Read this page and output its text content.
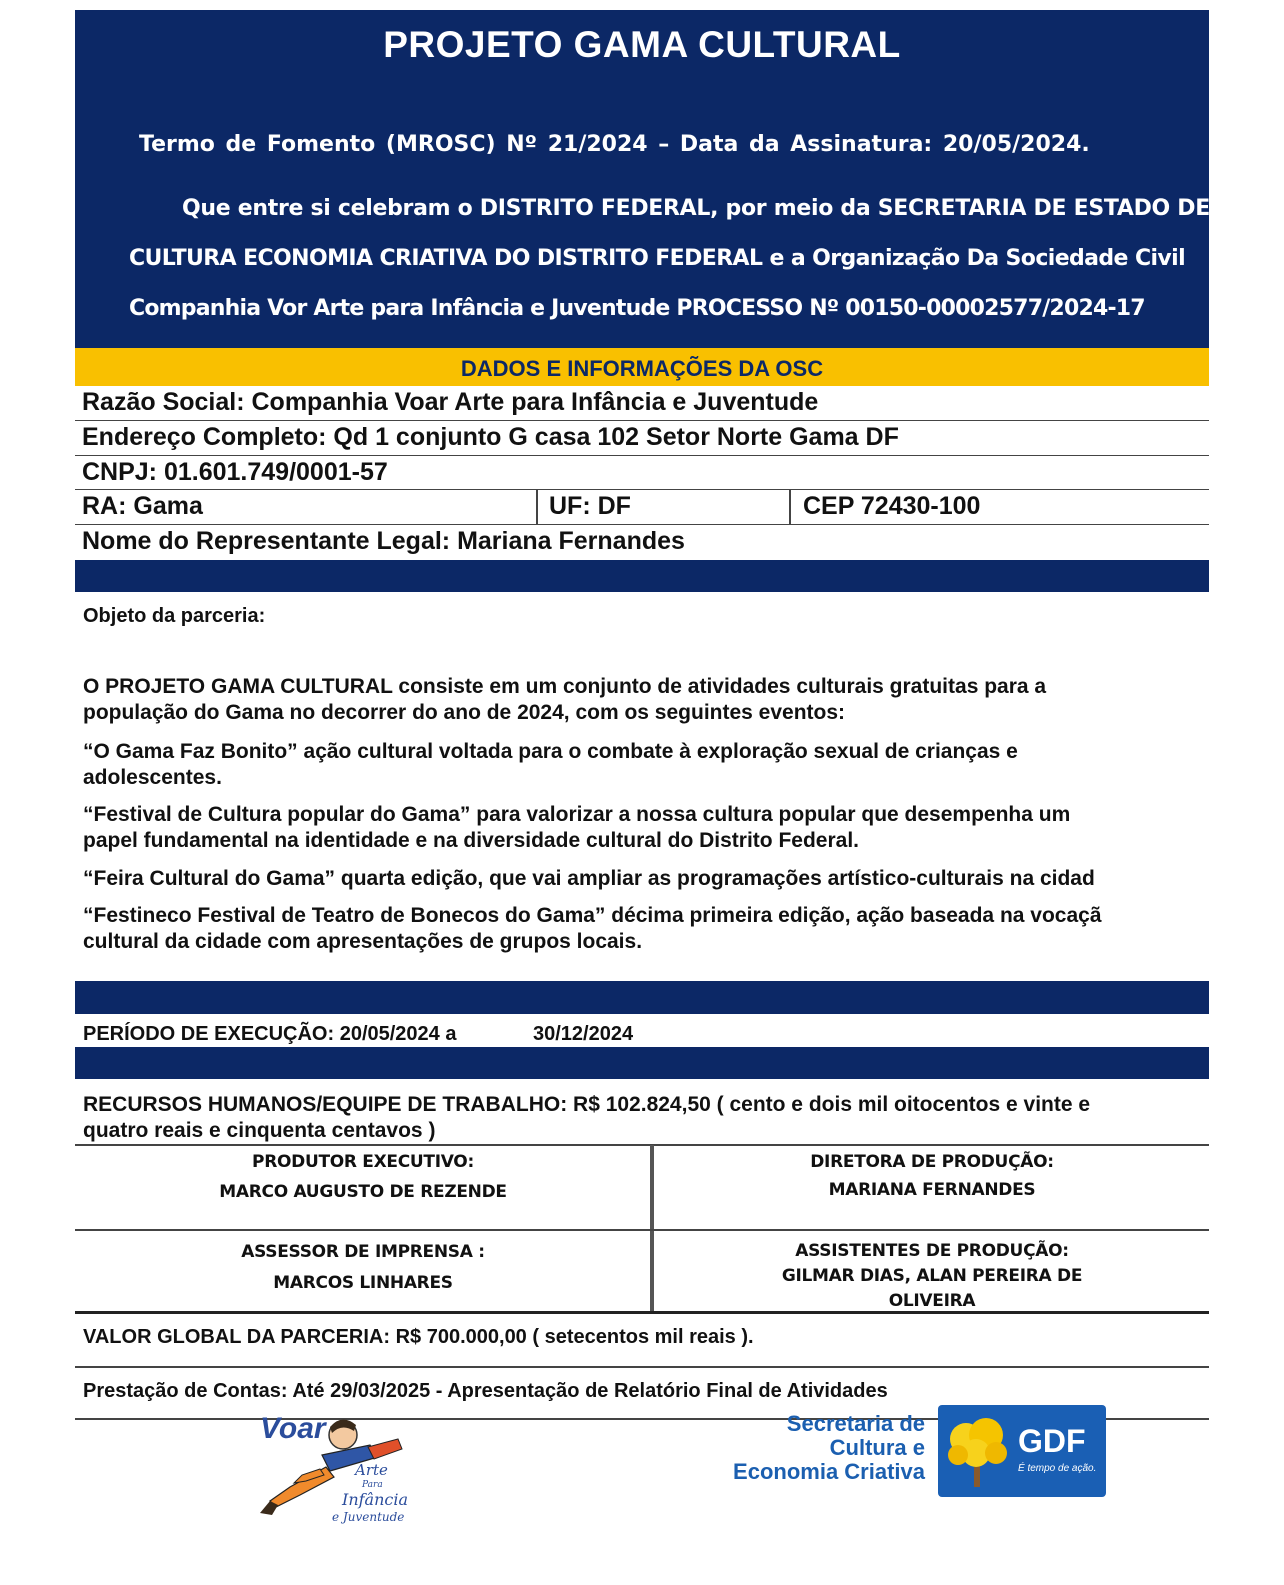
PROJETO GAMA CULTURAL
Termo de Fomento (MROSC) Nº 21/2024 – Data da Assinatura: 20/05/2024.
Que entre si celebram o DISTRITO FEDERAL, por meio da SECRETARIA DE ESTADO DE
CULTURA ECONOMIA CRIATIVA DO DISTRITO FEDERAL e a Organização Da Sociedade Civil
Companhia Vor Arte para Infância e Juventude PROCESSO Nº 00150-00002577/2024-17
DADOS E INFORMAÇÕES DA OSC
Razão Social: Companhia Voar Arte para Infância e Juventude
Endereço Completo: Qd 1 conjunto G casa 102 Setor Norte Gama DF
CNPJ: 01.601.749/0001-57
RA: Gama	UF: DF	CEP 72430-100
Nome do Representante Legal: Mariana Fernandes
Objeto da parceria:
O PROJETO GAMA CULTURAL consiste em um conjunto de atividades culturais gratuitas para a
população do Gama no decorrer do ano de 2024, com os seguintes eventos:
“O Gama Faz Bonito” ação cultural voltada para o combate à exploração sexual de crianças e
adolescentes.
“Festival de Cultura popular do Gama” para valorizar a nossa cultura popular que desempenha um
papel fundamental na identidade e na diversidade cultural do Distrito Federal.
“Feira Cultural do Gama” quarta edição, que vai ampliar as programações artístico-culturais na cidad
“Festineco Festival de Teatro de Bonecos do Gama” décima primeira edição, ação baseada na vocaçã
cultural da cidade com apresentações de grupos locais.
PERÍODO DE EXECUÇÃO: 20/05/2024 a	30/12/2024
RECURSOS HUMANOS/EQUIPE DE TRABALHO: R$ 102.824,50 ( cento e dois mil oitocentos e vinte e
quatro reais e cinquenta centavos )
PRODUTOR EXECUTIVO:
MARCO AUGUSTO DE REZENDE
DIRETORA DE PRODUÇÃO:
MARIANA FERNANDES
ASSESSOR DE IMPRENSA :
MARCOS LINHARES
ASSISTENTES DE PRODUÇÃO:
GILMAR DIAS, ALAN PEREIRA DE
OLIVEIRA
VALOR GLOBAL DA PARCERIA: R$ 700.000,00 ( setecentos mil reais ).
Prestação de Contas: Até 29/03/2025 - Apresentação de Relatório Final de Atividades
Voar
Arte
Para
Infância
e Juventude
Secretaria de
Cultura e
Economia Criativa
GDF
É tempo de ação.
